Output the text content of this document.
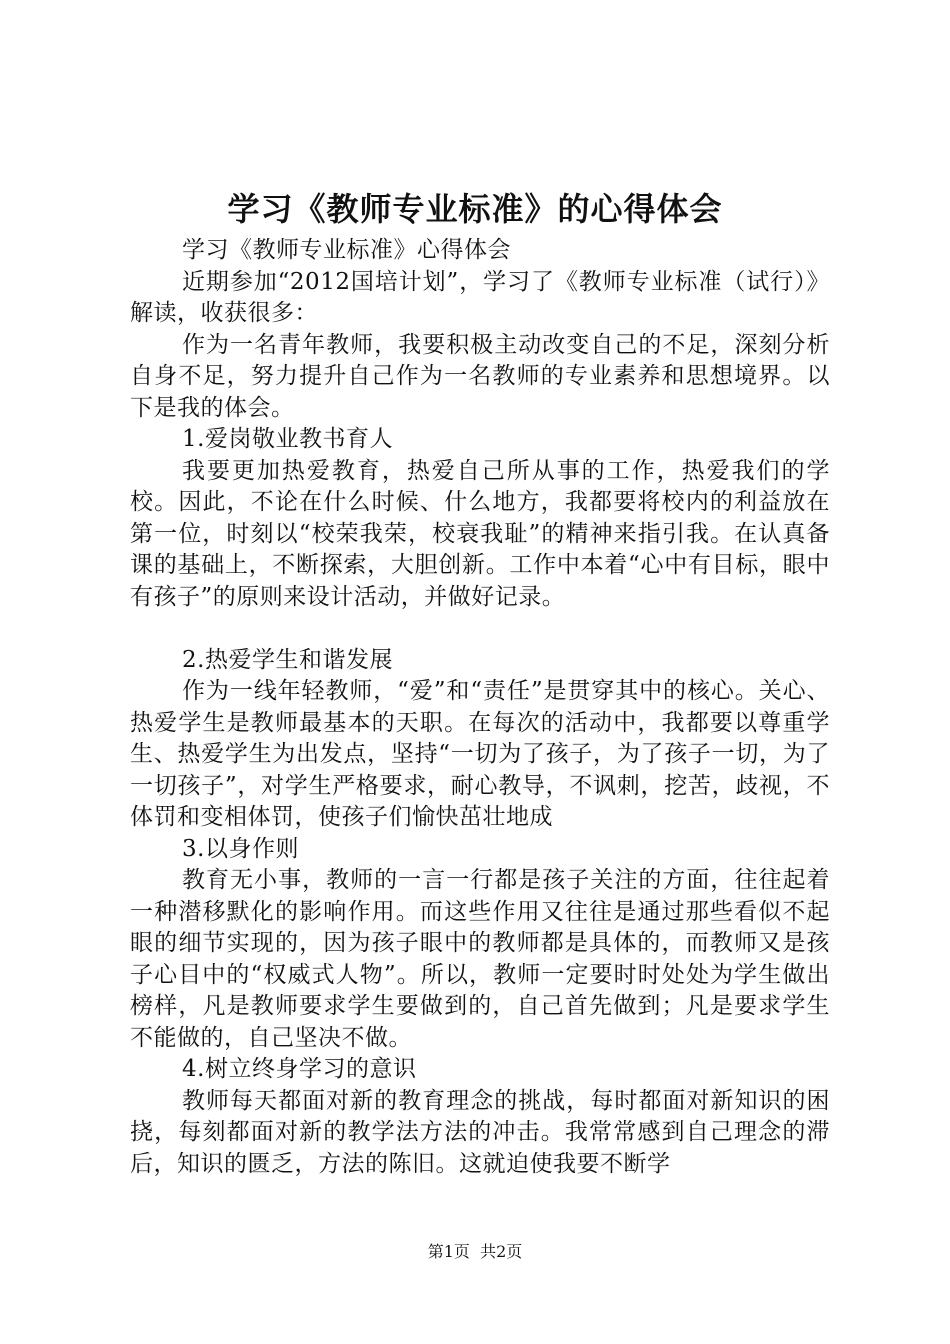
学习《教师专业标准》的心得体会

学习《教师专业标准》心得体会

近期参加“2012国培计划”，学习了《教师专业标准（试行）》解读，收获很多：

作为一名青年教师，我要积极主动改变自己的不足，深刻分析自身不足，努力提升自己作为一名教师的专业素养和思想境界。以下是我的体会。

1.爱岗敬业教书育人

我要更加热爱教育，热爱自己所从事的工作，热爱我们的学校。因此，不论在什么时候、什么地方，我都要将校内的利益放在第一位，时刻以“校荣我荣，校衰我耻”的精神来指引我。在认真备课的基础上，不断探索，大胆创新。工作中本着“心中有目标，眼中有孩子”的原则来设计活动，并做好记录。

2.热爱学生和谐发展

作为一线年轻教师，“爱”和“责任”是贯穿其中的核心。关心、热爱学生是教师最基本的天职。在每次的活动中，我都要以尊重学生、热爱学生为出发点，坚持“一切为了孩子，为了孩子一切，为了一切孩子”，对学生严格要求，耐心教导，不讽刺，挖苦，歧视，不体罚和变相体罚，使孩子们愉快茁壮地成

3.以身作则

教育无小事，教师的一言一行都是孩子关注的方面，往往起着一种潜移默化的影响作用。而这些作用又往往是通过那些看似不起眼的细节实现的，因为孩子眼中的教师都是具体的，而教师又是孩子心目中的“权威式人物”。所以，教师一定要时时处处为学生做出榜样，凡是教师要求学生要做到的，自己首先做到；凡是要求学生不能做的，自己坚决不做。

4.树立终身学习的意识

教师每天都面对新的教育理念的挑战，每时都面对新知识的困挠，每刻都面对新的教学法方法的冲击。我常常感到自己理念的滞后，知识的匮乏，方法的陈旧。这就迫使我要不断学

第1页  共2页
